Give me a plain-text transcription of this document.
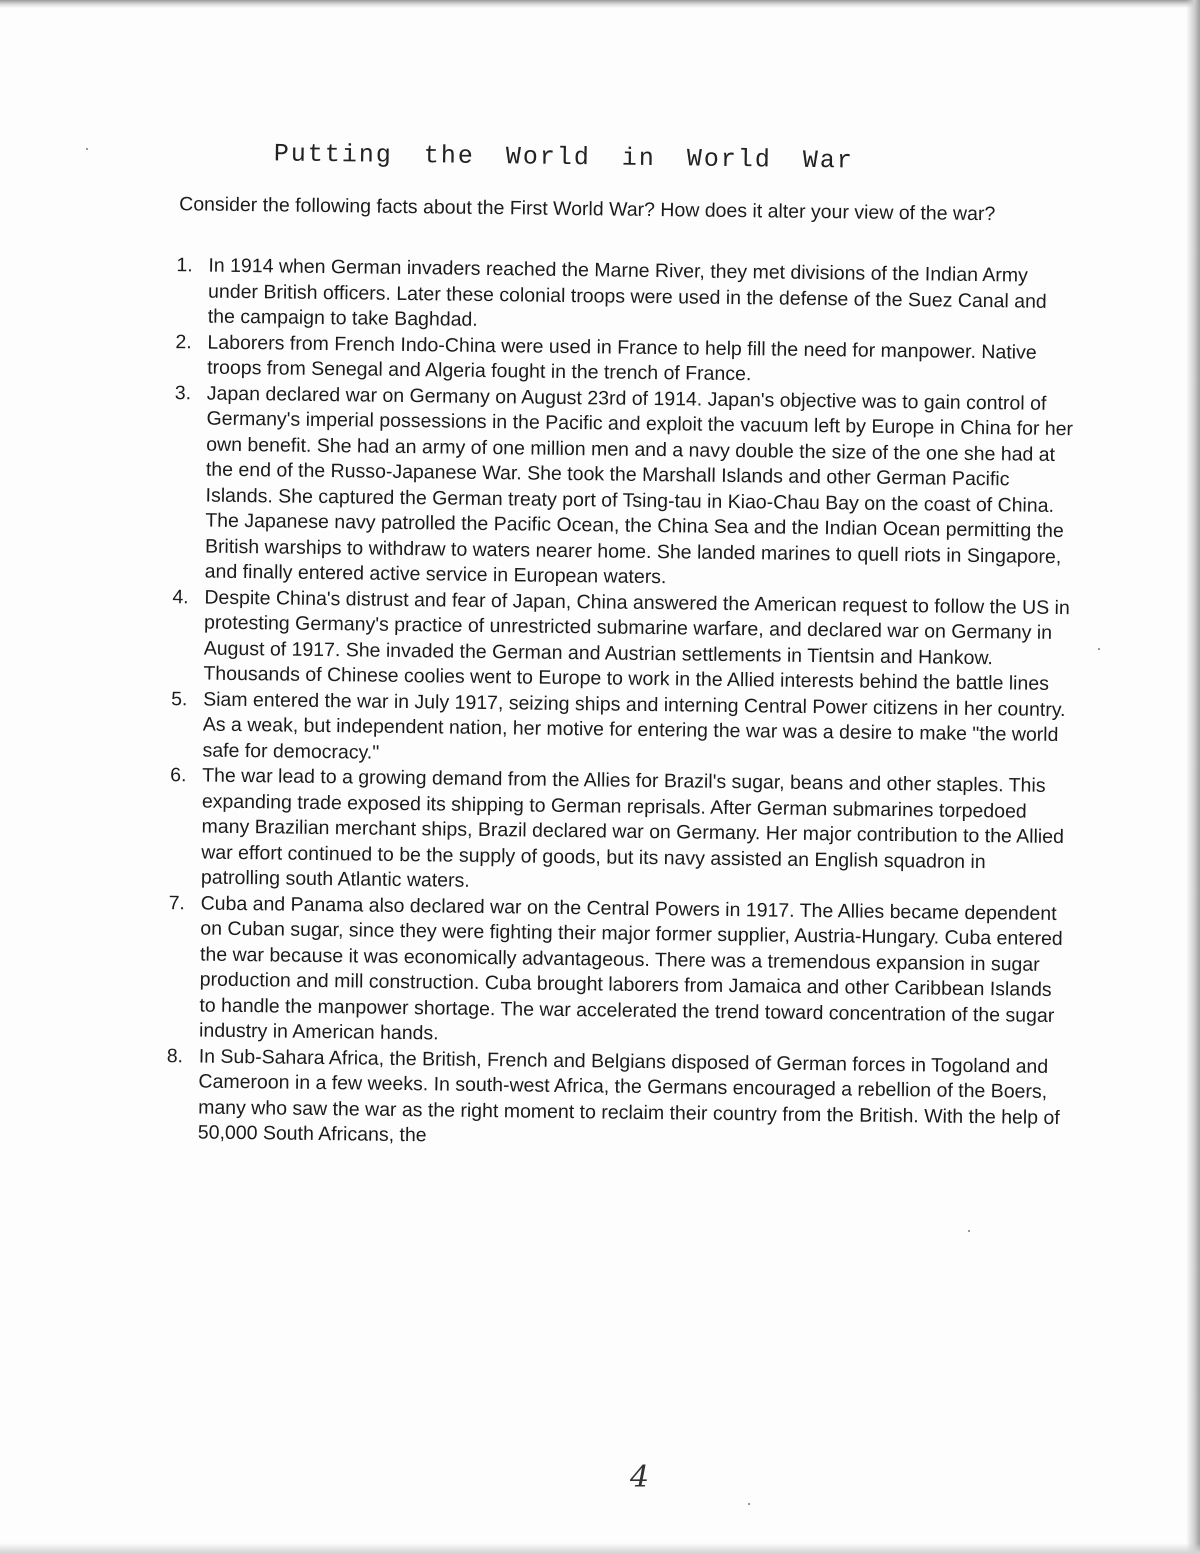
Putting the World in World War

Consider the following facts about the First World War? How does it alter your view of the war?

1. In 1914 when German invaders reached the Marne River, they met divisions of the Indian Army under British officers. Later these colonial troops were used in the defense of the Suez Canal and the campaign to take Baghdad.
2. Laborers from French Indo-China were used in France to help fill the need for manpower. Native troops from Senegal and Algeria fought in the trench of France.
3. Japan declared war on Germany on August 23rd of 1914. Japan's objective was to gain control of Germany's imperial possessions in the Pacific and exploit the vacuum left by Europe in China for her own benefit. She had an army of one million men and a navy double the size of the one she had at the end of the Russo-Japanese War. She took the Marshall Islands and other German Pacific Islands. She captured the German treaty port of Tsing-tau in Kiao-Chau Bay on the coast of China. The Japanese navy patrolled the Pacific Ocean, the China Sea and the Indian Ocean permitting the British warships to withdraw to waters nearer home. She landed marines to quell riots in Singapore, and finally entered active service in European waters.
4. Despite China's distrust and fear of Japan, China answered the American request to follow the US in protesting Germany's practice of unrestricted submarine warfare, and declared war on Germany in August of 1917. She invaded the German and Austrian settlements in Tientsin and Hankow. Thousands of Chinese coolies went to Europe to work in the Allied interests behind the battle lines
5. Siam entered the war in July 1917, seizing ships and interning Central Power citizens in her country. As a weak, but independent nation, her motive for entering the war was a desire to make "the world safe for democracy."
6. The war lead to a growing demand from the Allies for Brazil's sugar, beans and other staples. This expanding trade exposed its shipping to German reprisals. After German submarines torpedoed many Brazilian merchant ships, Brazil declared war on Germany. Her major contribution to the Allied war effort continued to be the supply of goods, but its navy assisted an English squadron in patrolling south Atlantic waters.
7. Cuba and Panama also declared war on the Central Powers in 1917. The Allies became dependent on Cuban sugar, since they were fighting their major former supplier, Austria-Hungary. Cuba entered the war because it was economically advantageous. There was a tremendous expansion in sugar production and mill construction. Cuba brought laborers from Jamaica and other Caribbean Islands to handle the manpower shortage. The war accelerated the trend toward concentration of the sugar industry in American hands.
8. In Sub-Sahara Africa, the British, French and Belgians disposed of German forces in Togoland and Cameroon in a few weeks. In south-west Africa, the Germans encouraged a rebellion of the Boers, many who saw the war as the right moment to reclaim their country from the British. With the help of 50,000 South Africans, the
4
